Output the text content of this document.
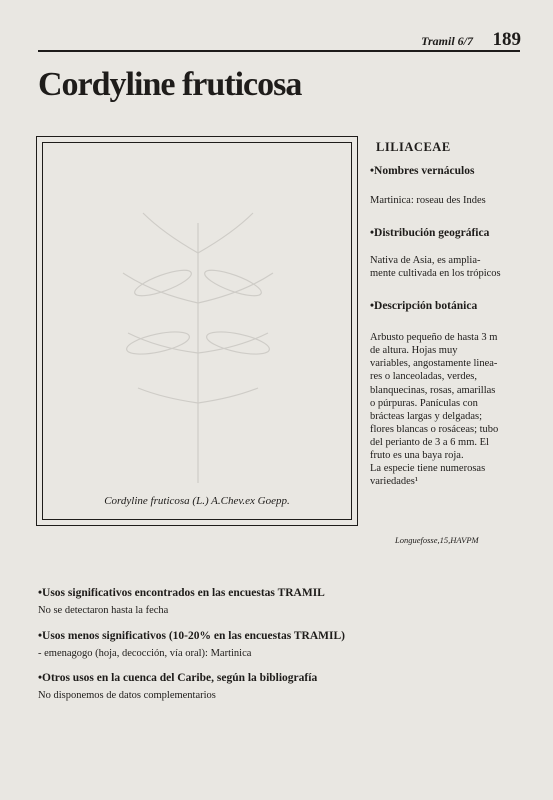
Tramil 6/7 189
Cordyline fruticosa
Cordyline fruticosa (L.) A.Chev.ex Goepp.
LILIACEAE
•Nombres vernáculos
Martinica: roseau des Indes
•Distribución geográfica
Nativa de Asia, es amplia-
mente cultivada en los trópicos
•Descripción botánica
Arbusto pequeño de hasta 3 m
de altura. Hojas muy
variables, angostamente linea-
res o lanceoladas, verdes,
blanquecinas, rosas, amarillas
o púrpuras. Panículas con
brácteas largas y delgadas;
flores blancas o rosáceas; tubo
del perianto de 3 a 6 mm. El
fruto es una baya roja.
La especie tiene numerosas
variedades¹
Longuefosse,15,HAVPM
•Usos significativos encontrados en las encuestas TRAMIL
No se detectaron hasta la fecha
•Usos menos significativos (10-20% en las encuestas TRAMIL)
- emenagogo (hoja, decocción, vía oral): Martinica
•Otros usos en la cuenca del Caribe, según la bibliografía
No disponemos de datos complementarios
